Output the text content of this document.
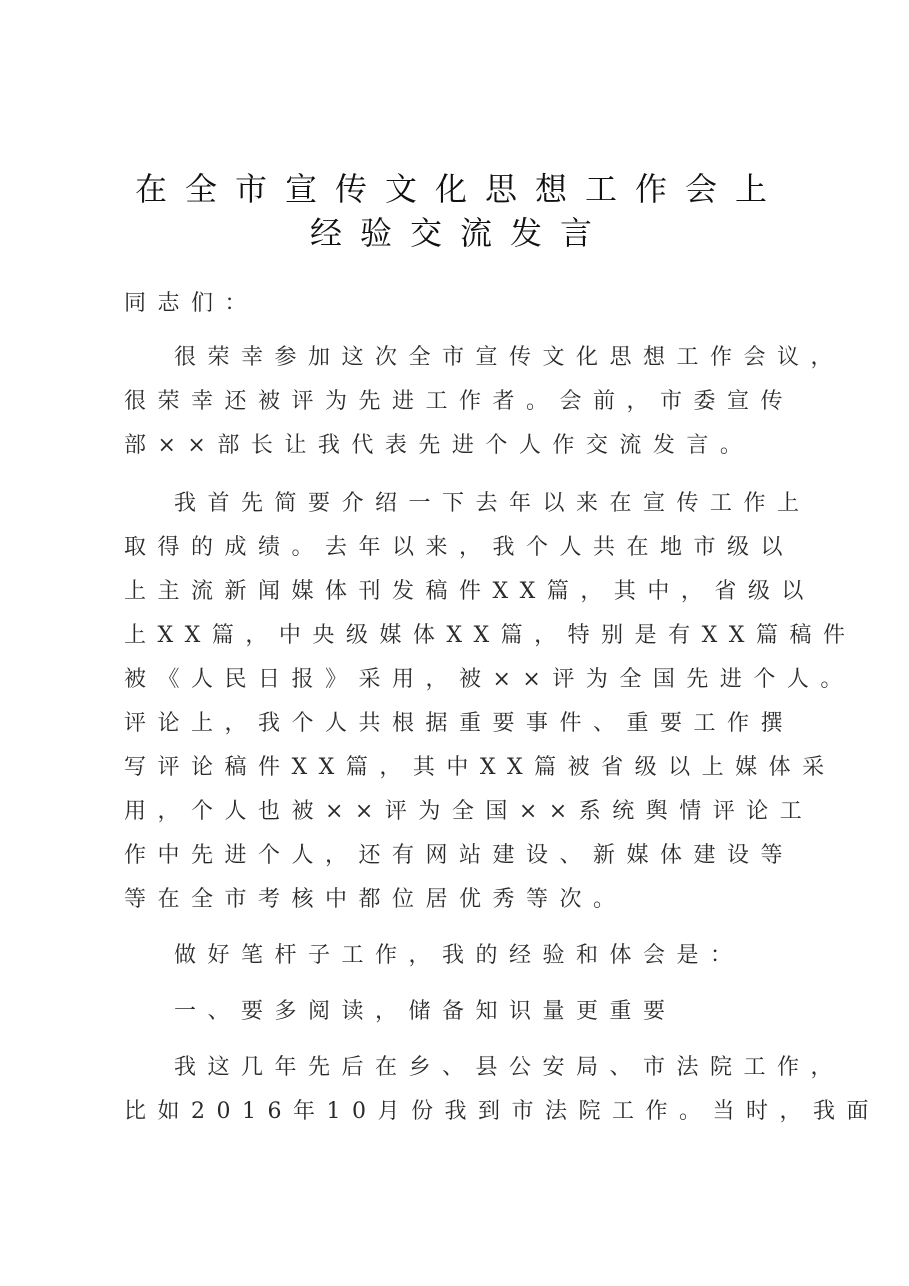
在全市宣传文化思想工作会上
经验交流发言
同志们：
很荣幸参加这次全市宣传文化思想工作会议，
很荣幸还被评为先进工作者。会前，市委宣传
部××部长让我代表先进个人作交流发言。
我首先简要介绍一下去年以来在宣传工作上
取得的成绩。去年以来，我个人共在地市级以
上主流新闻媒体刊发稿件XX篇，其中，省级以
上XX篇，中央级媒体XX篇，特别是有XX篇稿件
被《人民日报》采用，被××评为全国先进个人。
评论上，我个人共根据重要事件、重要工作撰
写评论稿件XX篇，其中XX篇被省级以上媒体采
用，个人也被××评为全国××系统舆情评论工
作中先进个人，还有网站建设、新媒体建设等
等在全市考核中都位居优秀等次。
做好笔杆子工作，我的经验和体会是：
一、要多阅读，储备知识量更重要
我这几年先后在乡、县公安局、市法院工作，
比如2016年10月份我到市法院工作。当时，我面
